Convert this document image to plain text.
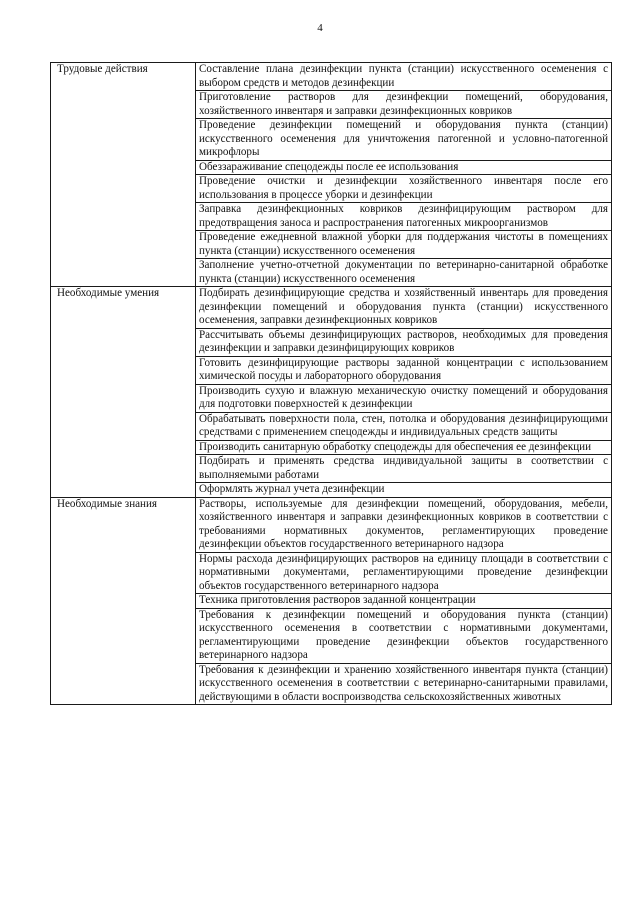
4
Трудовые действия	Составление плана дезинфекции пункта (станции) искусственного осеменения с выбором средств и методов дезинфекции
	Приготовление растворов для дезинфекции помещений, оборудования, хозяйственного инвентаря и заправки дезинфекционных ковриков
	Проведение дезинфекции помещений и оборудования пункта (станции) искусственного осеменения для уничтожения патогенной и условно-патогенной микрофлоры
	Обеззараживание спецодежды после ее использования
	Проведение очистки и дезинфекции хозяйственного инвентаря после его использования в процессе уборки и дезинфекции
	Заправка дезинфекционных ковриков дезинфицирующим раствором для предотвращения заноса и распространения патогенных микроорганизмов
	Проведение ежедневной влажной уборки для поддержания чистоты в помещениях пункта (станции) искусственного осеменения
	Заполнение учетно-отчетной документации по ветеринарно-санитарной обработке пункта (станции) искусственного осеменения
Необходимые умения	Подбирать дезинфицирующие средства и хозяйственный инвентарь для проведения дезинфекции помещений и оборудования пункта (станции) искусственного осеменения, заправки дезинфекционных ковриков
	Рассчитывать объемы дезинфицирующих растворов, необходимых для проведения дезинфекции и заправки дезинфицирующих ковриков
	Готовить дезинфицирующие растворы заданной концентрации с использованием химической посуды и лабораторного оборудования
	Производить сухую и влажную механическую очистку помещений и оборудования для подготовки поверхностей к дезинфекции
	Обрабатывать поверхности пола, стен, потолка и оборудования дезинфицирующими средствами с применением спецодежды и индивидуальных средств защиты
	Производить санитарную обработку спецодежды для обеспечения ее дезинфекции
	Подбирать и применять средства индивидуальной защиты в соответствии с выполняемыми работами
	Оформлять журнал учета дезинфекции
Необходимые знания	Растворы, используемые для дезинфекции помещений, оборудования, мебели, хозяйственного инвентаря и заправки дезинфекционных ковриков в соответствии с требованиями нормативных документов, регламентирующих проведение дезинфекции объектов государственного ветеринарного надзора
	Нормы расхода дезинфицирующих растворов на единицу площади в соответствии с нормативными документами, регламентирующими проведение дезинфекции объектов государственного ветеринарного надзора
	Техника приготовления растворов заданной концентрации
	Требования к дезинфекции помещений и оборудования пункта (станции) искусственного осеменения в соответствии с нормативными документами, регламентирующими проведение дезинфекции объектов государственного ветеринарного надзора
	Требования к дезинфекции и хранению хозяйственного инвентаря пункта (станции) искусственного осеменения в соответствии с ветеринарно-санитарными правилами, действующими в области воспроизводства сельскохозяйственных животных
